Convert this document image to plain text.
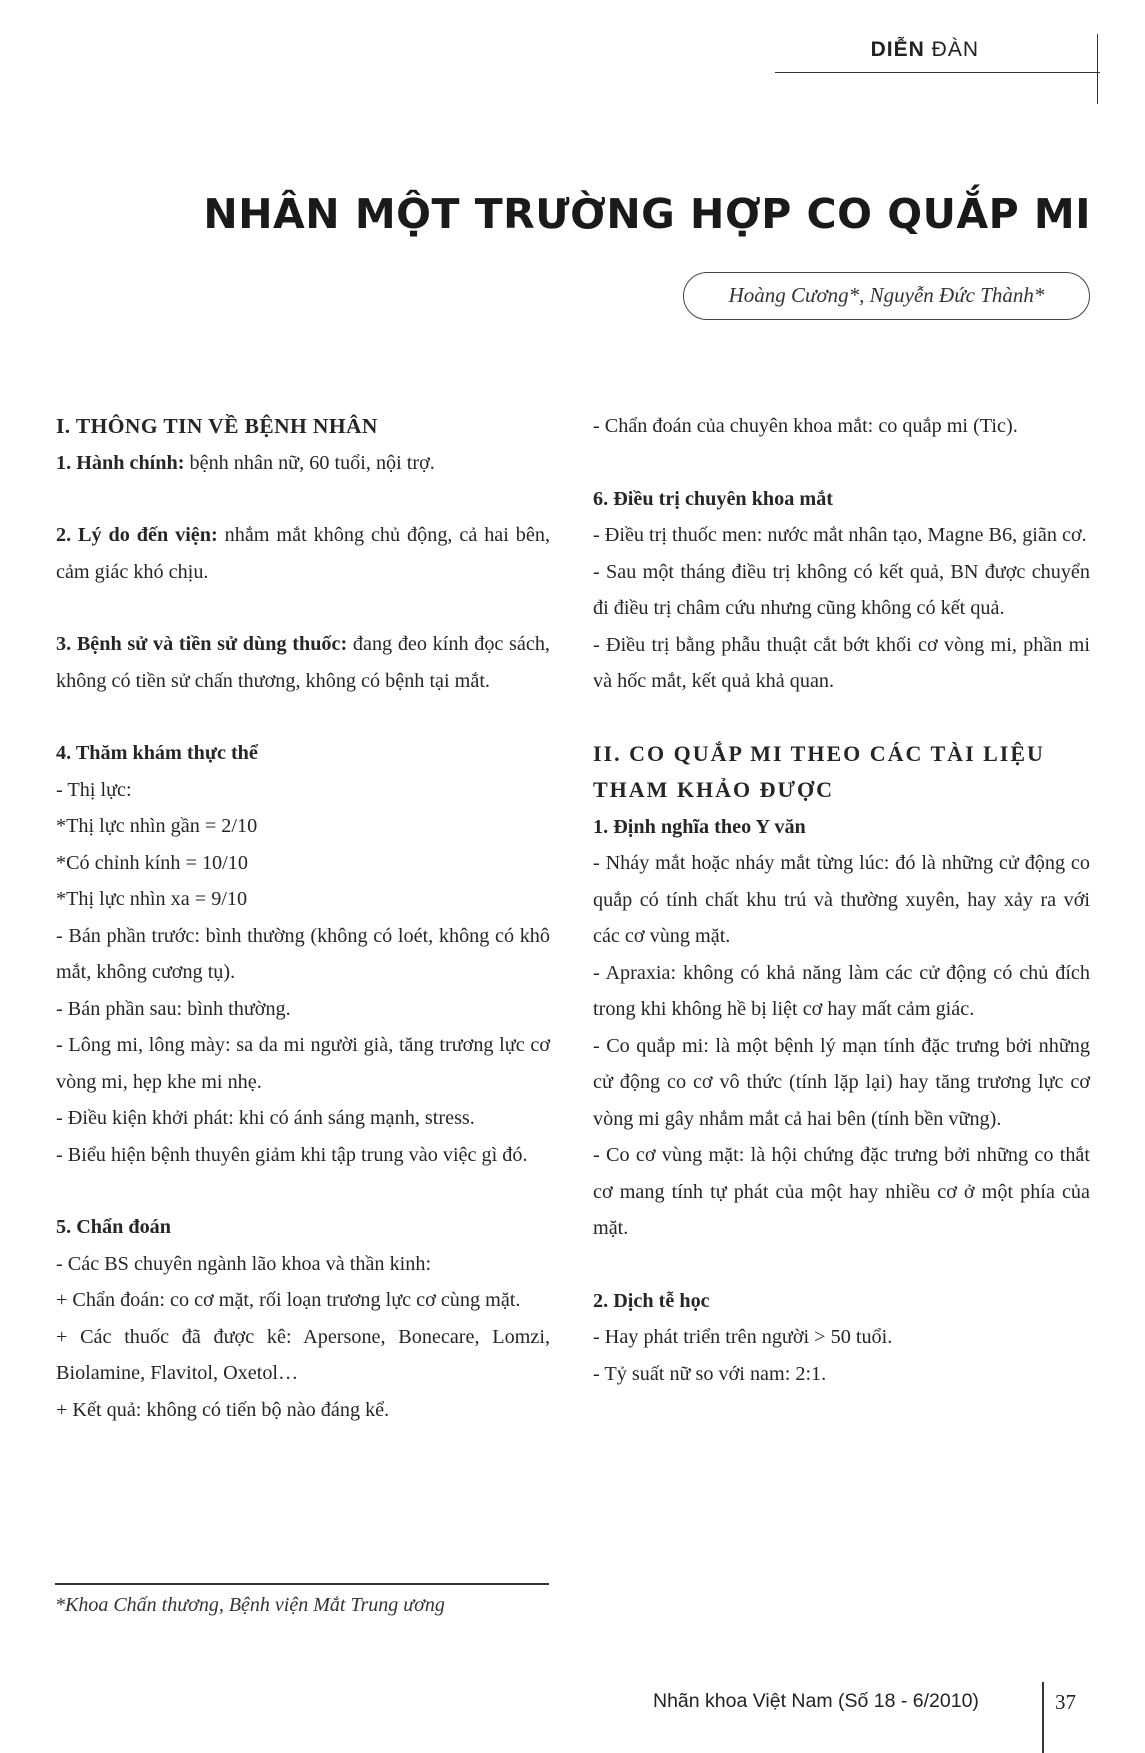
DIỄN ĐÀN
NHÂN MỘT TRƯỜNG HỢP CO QUẮP MI
Hoàng Cương*, Nguyễn Đức Thành*

I. THÔNG TIN VỀ BỆNH NHÂN

1. Hành chính: bệnh nhân nữ, 60 tuổi, nội trợ.

2. Lý do đến viện: nhắm mắt không chủ động, cả hai bên, cảm giác khó chịu.

3. Bệnh sử và tiền sử dùng thuốc: đang đeo kính đọc sách, không có tiền sử chấn thương, không có bệnh tại mắt.

4. Thăm khám thực thể

- Thị lực:

*Thị lực nhìn gần = 2/10

*Có chỉnh kính = 10/10

*Thị lực nhìn xa = 9/10

- Bán phần trước: bình thường (không có loét, không có khô mắt, không cương tụ).

- Bán phần sau: bình thường.

- Lông mi, lông mày: sa da mi người già, tăng trương lực cơ vòng mi, hẹp khe mi nhẹ.

- Điều kiện khởi phát: khi có ánh sáng mạnh, stress.

- Biểu hiện bệnh thuyên giảm khi tập trung vào việc gì đó.

5. Chẩn đoán

- Các BS chuyên ngành lão khoa và thần kinh:

+ Chẩn đoán: co cơ mặt, rối loạn trương lực cơ cùng mặt.

+ Các thuốc đã được kê: Apersone, Bonecare, Lomzi, Biolamine, Flavitol, Oxetol…

+ Kết quả: không có tiến bộ nào đáng kể.

- Chẩn đoán của chuyên khoa mắt: co quắp mi (Tic).

6. Điều trị chuyên khoa mắt

- Điều trị thuốc men: nước mắt nhân tạo, Magne B6, giãn cơ.

- Sau một tháng điều trị không có kết quả, BN được chuyển đi điều trị châm cứu nhưng cũng không có kết quả.

- Điều trị bằng phẫu thuật cắt bớt khối cơ vòng mi, phần mi và hốc mắt, kết quả khả quan.

II. CO QUẮP MI THEO CÁC TÀI LIỆU THAM KHẢO ĐƯỢC

1. Định nghĩa theo Y văn

- Nháy mắt hoặc nháy mắt từng lúc: đó là những cử động co quắp có tính chất khu trú và thường xuyên, hay xảy ra với các cơ vùng mặt.

- Apraxia: không có khả năng làm các cử động có chủ đích trong khi không hề bị liệt cơ hay mất cảm giác.

- Co quắp mi: là một bệnh lý mạn tính đặc trưng bởi những cử động co cơ vô thức (tính lặp lại) hay tăng trương lực cơ vòng mi gây nhắm mắt cả hai bên (tính bền vững).

- Co cơ vùng mặt: là hội chứng đặc trưng bởi những co thắt cơ mang tính tự phát của một hay nhiều cơ ở một phía của mặt.

2. Dịch tễ học

- Hay phát triển trên người > 50 tuổi.

- Tỷ suất nữ so với nam: 2:1.

*Khoa Chấn thương, Bệnh viện Mắt Trung ương
Nhãn khoa Việt Nam (Số 18 - 6/2010)	37
